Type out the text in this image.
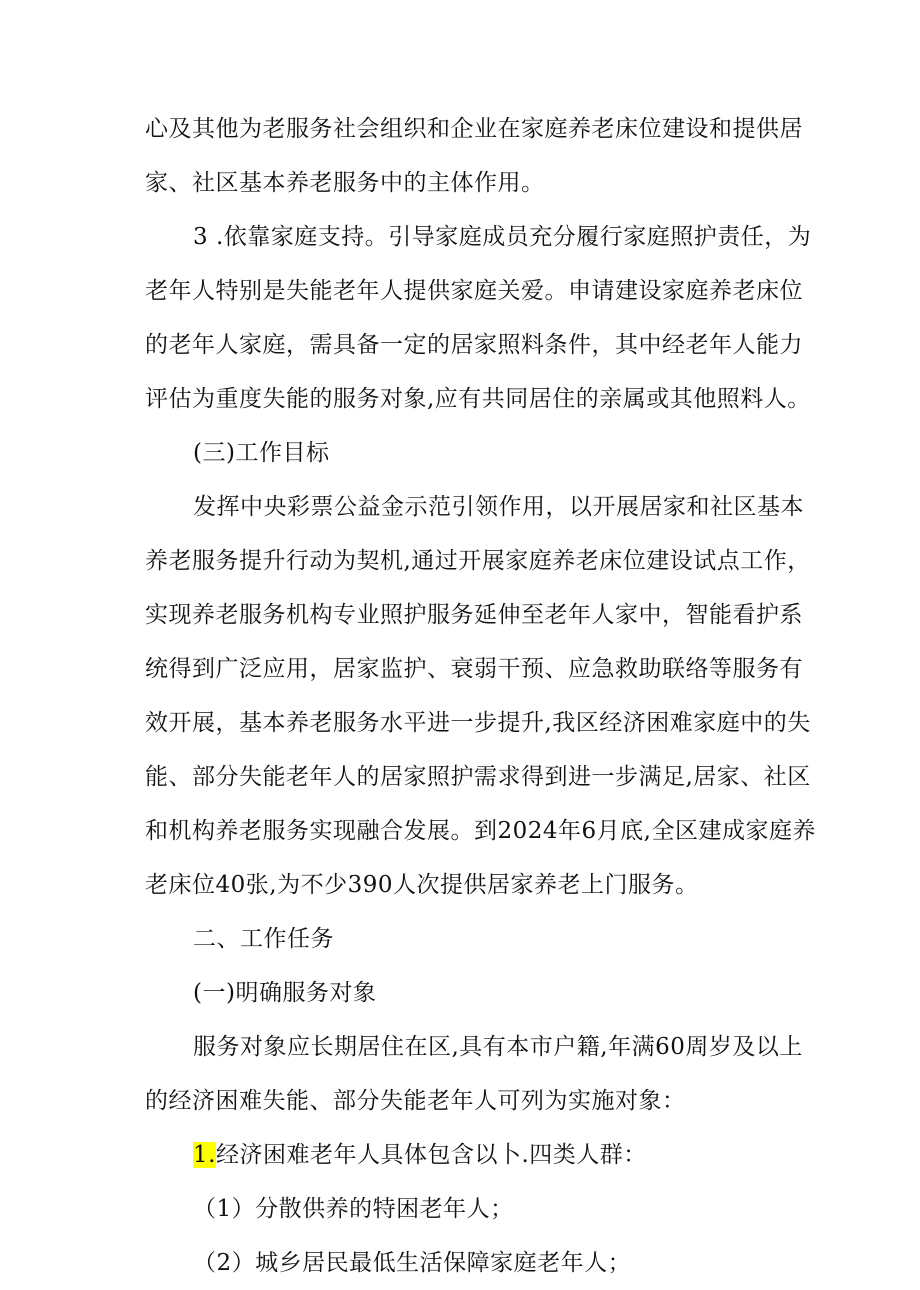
心及其他为老服务社会组织和企业在家庭养老床位建设和提供居
家、社区基本养老服务中的主体作用。
3 .依靠家庭支持。引导家庭成员充分履行家庭照护责任，为
老年人特别是失能老年人提供家庭关爱。申请建设家庭养老床位
的老年人家庭，需具备一定的居家照料条件，其中经老年人能力
评估为重度失能的服务对象,应有共同居住的亲属或其他照料人。
(三)工作目标
发挥中央彩票公益金示范引领作用，以开展居家和社区基本
养老服务提升行动为契机,通过开展家庭养老床位建设试点工作，
实现养老服务机构专业照护服务延伸至老年人家中，智能看护系
统得到广泛应用，居家监护、衰弱干预、应急救助联络等服务有
效开展，基本养老服务水平进一步提升,我区经济困难家庭中的失
能、部分失能老年人的居家照护需求得到进一步满足,居家、社区
和机构养老服务实现融合发展。到2024年6月底,全区建成家庭养
老床位40张,为不少390人次提供居家养老上门服务。
二、工作任务
(一)明确服务对象
服务对象应长期居住在区,具有本市户籍,年满60周岁及以上
的经济困难失能、部分失能老年人可列为实施对象：
1.经济困难老年人具体包含以卜.四类人群：
（1）分散供养的特困老年人；
（2）城乡居民最低生活保障家庭老年人；
